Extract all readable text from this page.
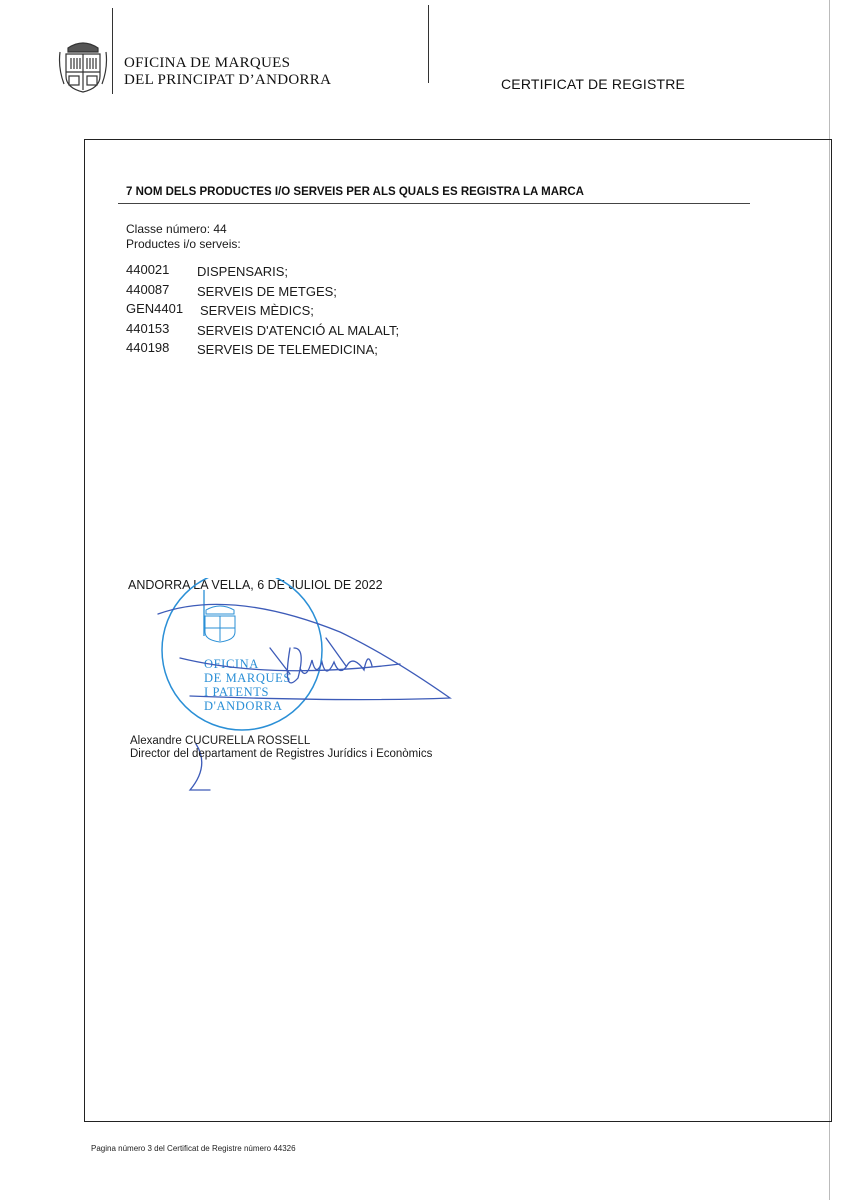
OFICINA DE MARQUES
DEL PRINCIPAT D’ANDORRA	CERTIFICAT DE REGISTRE
7 NOM DELS PRODUCTES I/O SERVEIS PER ALS QUALS ES REGISTRA LA MARCA
Classe número: 44
Productes i/o serveis:
440021 DISPENSARIS;
440087 SERVEIS DE METGES;
GEN4401 SERVEIS MÈDICS;
440153 SERVEIS D'ATENCIÓ AL MALALT;
440198 SERVEIS DE TELEMEDICINA;
ANDORRA LA VELLA, 6 DE JULIOL DE 2022
OFICINA
DE MARQUES
I PATENTS
D'ANDORRA
Alexandre CUCURELLA ROSSELL
Director del departament de Registres Jurídics i Econòmics
Pagina número 3 del Certificat de Registre número 44326
